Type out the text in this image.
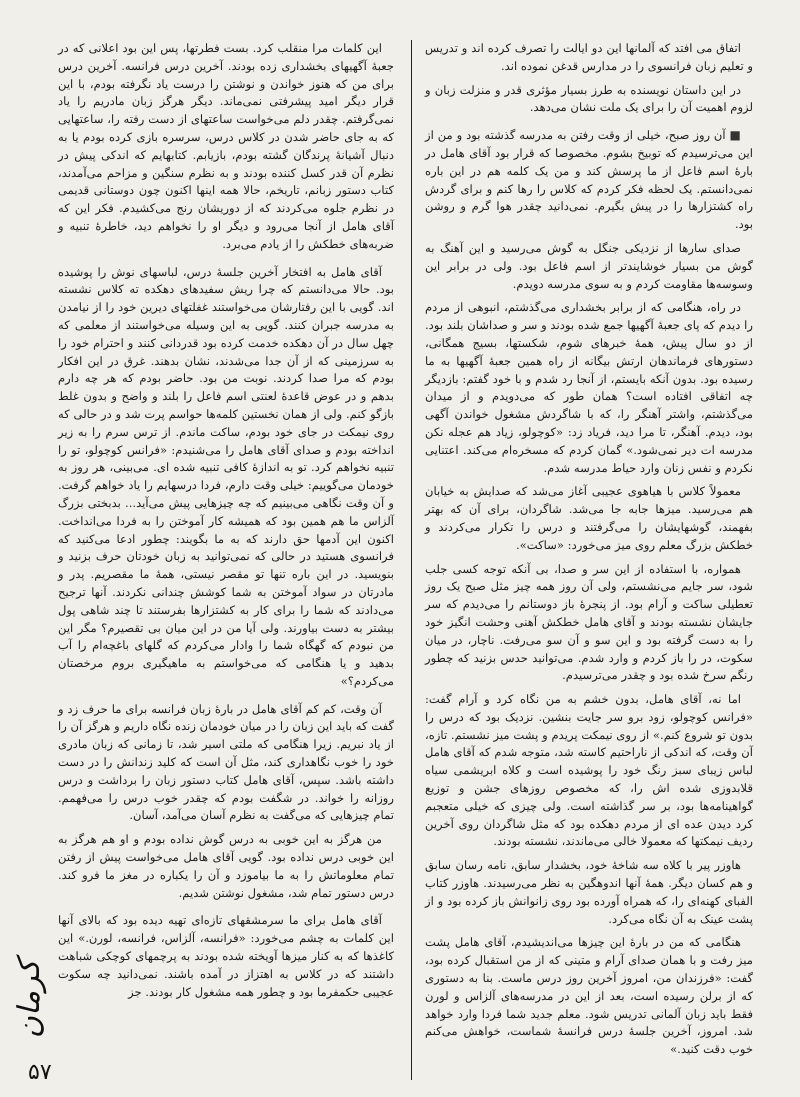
اتفاق می افتد که آلمانها این دو ایالت را تصرف کرده اند و تدریس و تعلیم زبان فرانسوی را در مدارس قدغن نموده اند.

در این داستان نویسنده به طرز بسیار مؤثری قدر و منزلت زبان و لزوم اهمیت آن را برای یک ملت نشان می‌دهد.

■ آن روز صبح، خیلی از وقت رفتن به مدرسه گذشته بود و من از این می‌ترسیدم که توبیخ بشوم. مخصوصا که قرار بود آقای هامل در بارهٔ اسم فاعل از ما پرسش کند و من یک کلمه هم در این باره نمی‌دانستم. یک لحظه فکر کردم که کلاس را رها کنم و برای گردش راه کشتزارها را در پیش بگیرم. نمی‌دانید چقدر هوا گرم و روشن بود.

صدای سارها از نزدیکی جنگل به گوش می‌رسید و این آهنگ به گوش من بسیار خوشایندتر از اسم فاعل بود. ولی در برابر این وسوسه‌ها مقاومت کردم و به سوی مدرسه دویدم.

در راه، هنگامی که از برابر بخشداری می‌گذشتم، انبوهی از مردم را دیدم که پای جعبهٔ آگهیها جمع شده بودند و سر و صداشان بلند بود. از دو سال پیش، همهٔ خبرهای شوم، شکستها، بسیج همگانی، دستورهای فرماندهان ارتش بیگانه از راه همین جعبهٔ آگهیها به ما رسیده بود. بدون آنکه بایستم، از آنجا رد شدم و با خود گفتم: بازدیگر چه اتفاقی افتاده است؟ همان طور که می‌دویدم و از میدان می‌گذشتم، واشتر آهنگر را، که با شاگردش مشغول خواندن آگهی بود، دیدم. آهنگر، تا مرا دید، فریاد زد: «کوچولو، زیاد هم عجله نکن مدرسه ات دیر نمی‌شود.» گمان کردم که مسخره‌ام می‌کند. اعتنایی نکردم و نفس زنان وارد حیاط مدرسه شدم.

معمولاً کلاس با هیاهوی عجیبی آغاز می‌شد که صدایش به خیابان هم می‌رسید. میزها جابه جا می‌شد. شاگردان، برای آن که بهتر بفهمند، گوشهایشان را می‌گرفتند و درس را تکرار می‌کردند و خطکش بزرگ معلم روی میز می‌خورد: «ساکت».

همواره، با استفاده از این سر و صدا، بی آنکه توجه کسی جلب شود، سر جایم می‌نشستم، ولی آن روز همه چیز مثل صبح یک روز تعطیلی ساکت و آرام بود. از پنجرهٔ باز دوستانم را می‌دیدم که سر جایشان نشسته بودند و آقای هامل خطکش آهنی وحشت انگیز خود را به دست گرفته بود و این سو و آن سو می‌رفت. ناچار، در میان سکوت، در را باز کردم و وارد شدم. می‌توانید حدس بزنید که چطور رنگم سرخ شده بود و چقدر می‌ترسیدم.

اما نه، آقای هامل، بدون خشم به من نگاه کرد و آرام گفت: «فرانس کوچولو، زود برو سر جایت بنشین. نزدیک بود که درس را بدون تو شروع کنم.» از روی نیمکت پریدم و پشت میز نشستم. تازه، آن وقت، که اندکی از ناراحتیم کاسته شد، متوجه شدم که آقای هامل لباس زیبای سبز رنگ خود را پوشیده است و کلاه ابریشمی سیاه قلابدوزی شده اش را، که مخصوص روزهای جشن و توزیع گواهینامه‌ها بود، بر سر گذاشته است. ولی چیزی که خیلی متعجبم کرد دیدن عده ای از مردم دهکده بود که مثل شاگردان روی آخرین ردیف نیمکتها که معمولا خالی می‌ماندند، نشسته بودند.

هاوزر پیر با کلاه سه شاخهٔ خود، بخشدار سابق، نامه رسان سابق و هم کسان دیگر. همهٔ آنها اندوهگین به نظر می‌رسیدند. هاوزر کتاب الفبای کهنه‌ای را، که همراه آورده بود روی زانوانش باز کرده بود و از پشت عینک به آن نگاه می‌کرد.

هنگامی که من در بارهٔ این چیزها می‌اندیشیدم، آقای هامل پشت میز رفت و با همان صدای آرام و متینی که از من استقبال کرده بود، گفت: «فرزندان من، امروز آخرین روز درس ماست. بنا به دستوری که از برلن رسیده است، بعد از این در مدرسه‌های آلزاس و لورن فقط باید زبان آلمانی تدریس شود. معلم جدید شما فردا وارد خواهد شد. امروز، آخرین جلسهٔ درس فرانسهٔ شماست، خواهش می‌کنم خوب دقت کنید.»

این کلمات مرا منقلب کرد. بست فطرتها، پس این بود اعلانی که در جعبهٔ آگهیهای بخشداری زده بودند. آخرین درس فرانسه. آخرین درس برای من که هنوز خواندن و نوشتن را درست یاد نگرفته بودم، با این قرار دیگر امید پیشرفتی نمی‌ماند. دیگر هرگز زبان مادریم را یاد نمی‌گرفتم. چقدر دلم می‌خواست ساعتهای از دست رفته را، ساعتهایی که به جای حاضر شدن در کلاس درس، سرسره بازی کرده بودم یا به دنبال آشیانهٔ پرندگان گشته بودم، بازیابم. کتابهایم که اندکی پیش در نظرم آن قدر کسل کننده بودند و به نظرم سنگین و مزاحم می‌آمدند، کتاب دستور زبانم، تاریخم، حالا همه اینها اکنون چون دوستانی قدیمی در نظرم جلوه می‌کردند که از دوریشان رنج می‌کشیدم. فکر این که آقای هامل از آنجا می‌رود و دیگر او را نخواهم دید، خاطرهٔ تنبیه و ضربه‌های خطکش را از یادم می‌برد.

آقای هامل به افتخار آخرین جلسهٔ درس، لباسهای نوش را پوشیده بود. حالا می‌دانستم که چرا ریش سفیدهای دهکده ته کلاس نشسته اند. گویی با این رفتارشان می‌خواستند غفلتهای دیرین خود را از نیامدن به مدرسه جبران کنند. گویی به این وسیله می‌خواستند از معلمی که چهل سال در آن دهکده خدمت کرده بود قدردانی کنند و احترام خود را به سرزمینی که از آن جدا می‌شدند، نشان بدهند. غرق در این افکار بودم که مرا صدا کردند. نوبت من بود. حاضر بودم که هر چه دارم بدهم و در عوض قاعدهٔ لعنتی اسم فاعل را بلند و واضح و بدون غلط بازگو کنم. ولی از همان نخستین کلمه‌ها حواسم پرت شد و در حالی که روی نیمکت در جای خود بودم، ساکت ماندم. از ترس سرم را به زیر انداخته بودم و صدای آقای هامل را می‌شنیدم: «فرانس کوچولو، تو را تنبیه نخواهم کرد. تو به اندازهٔ کافی تنبیه شده ای. می‌بینی، هر روز به خودمان می‌گوییم: خیلی وقت دارم، فردا درسهایم را یاد خواهم گرفت. و آن وقت نگاهی می‌بینیم که چه چیزهایی پیش می‌آید... بدبختی بزرگ آلزاس ما هم همین بود که همیشه کار آموختن را به فردا می‌انداخت. اکنون این آدمها حق دارند که به ما بگویند: چطور ادعا می‌کنید که فرانسوی هستید در حالی که نمی‌توانید به زبان خودتان حرف بزنید و بنویسید. در این باره تنها تو مقصر نیستی، همهٔ ما مقصریم. پدر و مادرتان در سواد آموختن به شما کوشش چندانی نکردند. آنها ترجیح می‌دادند که شما را برای کار به کشتزارها بفرستند تا چند شاهی پول بیشتر به دست بیاورند. ولی آیا من در این میان بی تقصیرم؟ مگر این من نبودم که گهگاه شما را وادار می‌کردم که گلهای باغچه‌ام را آب بدهید و یا هنگامی که می‌خواستم به ماهیگیری بروم مرخصتان می‌کردم؟»

آن وقت، کم کم آقای هامل در بارهٔ زبان فرانسه برای ما حرف زد و گفت که باید این زبان را در میان خودمان زنده نگاه داریم و هرگز آن را از یاد نبریم. زیرا هنگامی که ملتی اسیر شد، تا زمانی که زبان مادری خود را خوب نگاهداری کند، مثل آن است که کلید زندانش را در دست داشته باشد. سپس، آقای هامل کتاب دستور زبان را برداشت و درس روزانه را خواند. در شگفت بودم که چقدر خوب درس را می‌فهمم. تمام چیزهایی که می‌گفت به نظرم آسان می‌آمد، آسان.

من هرگز به این خوبی به درس گوش نداده بودم و او هم هرگز به این خوبی درس نداده بود. گویی آقای هامل می‌خواست پیش از رفتن تمام معلوماتش را به ما بیاموزد و آن را یکباره در مغز ما فرو کند. درس دستور تمام شد، مشغول نوشتن شدیم.

آقای هامل برای ما سرمشقهای تازه‌ای تهیه دیده بود که بالای آنها این کلمات به چشم می‌خورد: «فرانسه، آلزاس، فرانسه، لورن.» این کاغذها که به کنار میزها آویخته شده بودند به پرچمهای کوچکی شباهت داشتند که در کلاس به اهتزاز در آمده باشند. نمی‌دانید چه سکوت عجیبی حکمفرما بود و چطور همه مشغول کار بودند. جز

کرمان
۵۷
